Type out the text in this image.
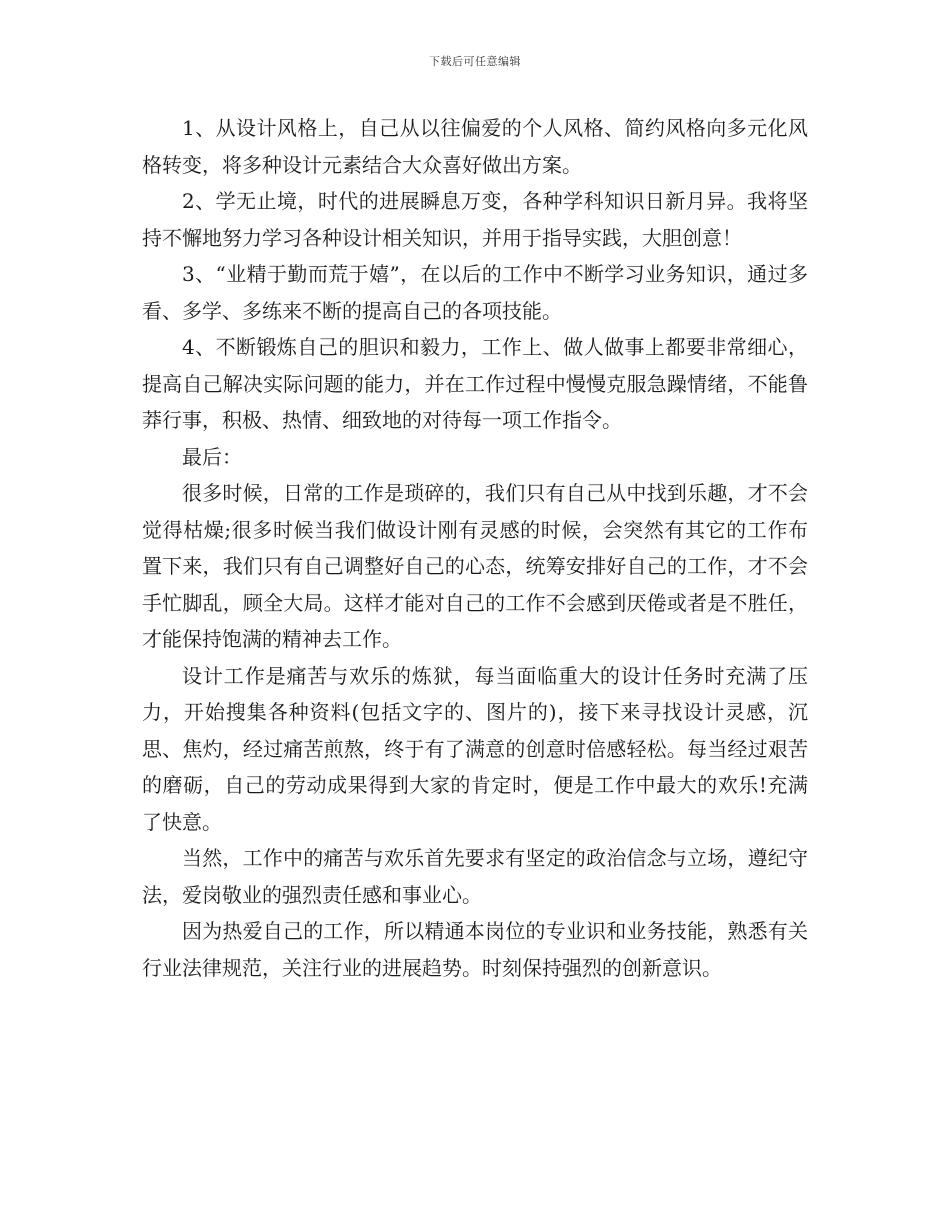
下载后可任意编辑

1、从设计风格上，自己从以往偏爱的个人风格、简约风格向多元化风格转变，将多种设计元素结合大众喜好做出方案。

2、学无止境，时代的进展瞬息万变，各种学科知识日新月异。我将坚持不懈地努力学习各种设计相关知识，并用于指导实践，大胆创意！

3、“业精于勤而荒于嬉”，在以后的工作中不断学习业务知识，通过多看、多学、多练来不断的提高自己的各项技能。

4、不断锻炼自己的胆识和毅力，工作上、做人做事上都要非常细心，提高自己解决实际问题的能力，并在工作过程中慢慢克服急躁情绪，不能鲁莽行事，积极、热情、细致地的对待每一项工作指令。

最后：

很多时候，日常的工作是琐碎的，我们只有自己从中找到乐趣，才不会觉得枯燥;很多时候当我们做设计刚有灵感的时候，会突然有其它的工作布置下来，我们只有自己调整好自己的心态，统筹安排好自己的工作，才不会手忙脚乱，顾全大局。这样才能对自己的工作不会感到厌倦或者是不胜任，才能保持饱满的精神去工作。

设计工作是痛苦与欢乐的炼狱，每当面临重大的设计任务时充满了压力，开始搜集各种资料(包括文字的、图片的)，接下来寻找设计灵感，沉思、焦灼，经过痛苦煎熬，终于有了满意的创意时倍感轻松。每当经过艰苦的磨砺，自己的劳动成果得到大家的肯定时，便是工作中最大的欢乐!充满了快意。

当然，工作中的痛苦与欢乐首先要求有坚定的政治信念与立场，遵纪守法，爱岗敬业的强烈责任感和事业心。

因为热爱自己的工作，所以精通本岗位的专业识和业务技能，熟悉有关行业法律规范，关注行业的进展趋势。时刻保持强烈的创新意识。
